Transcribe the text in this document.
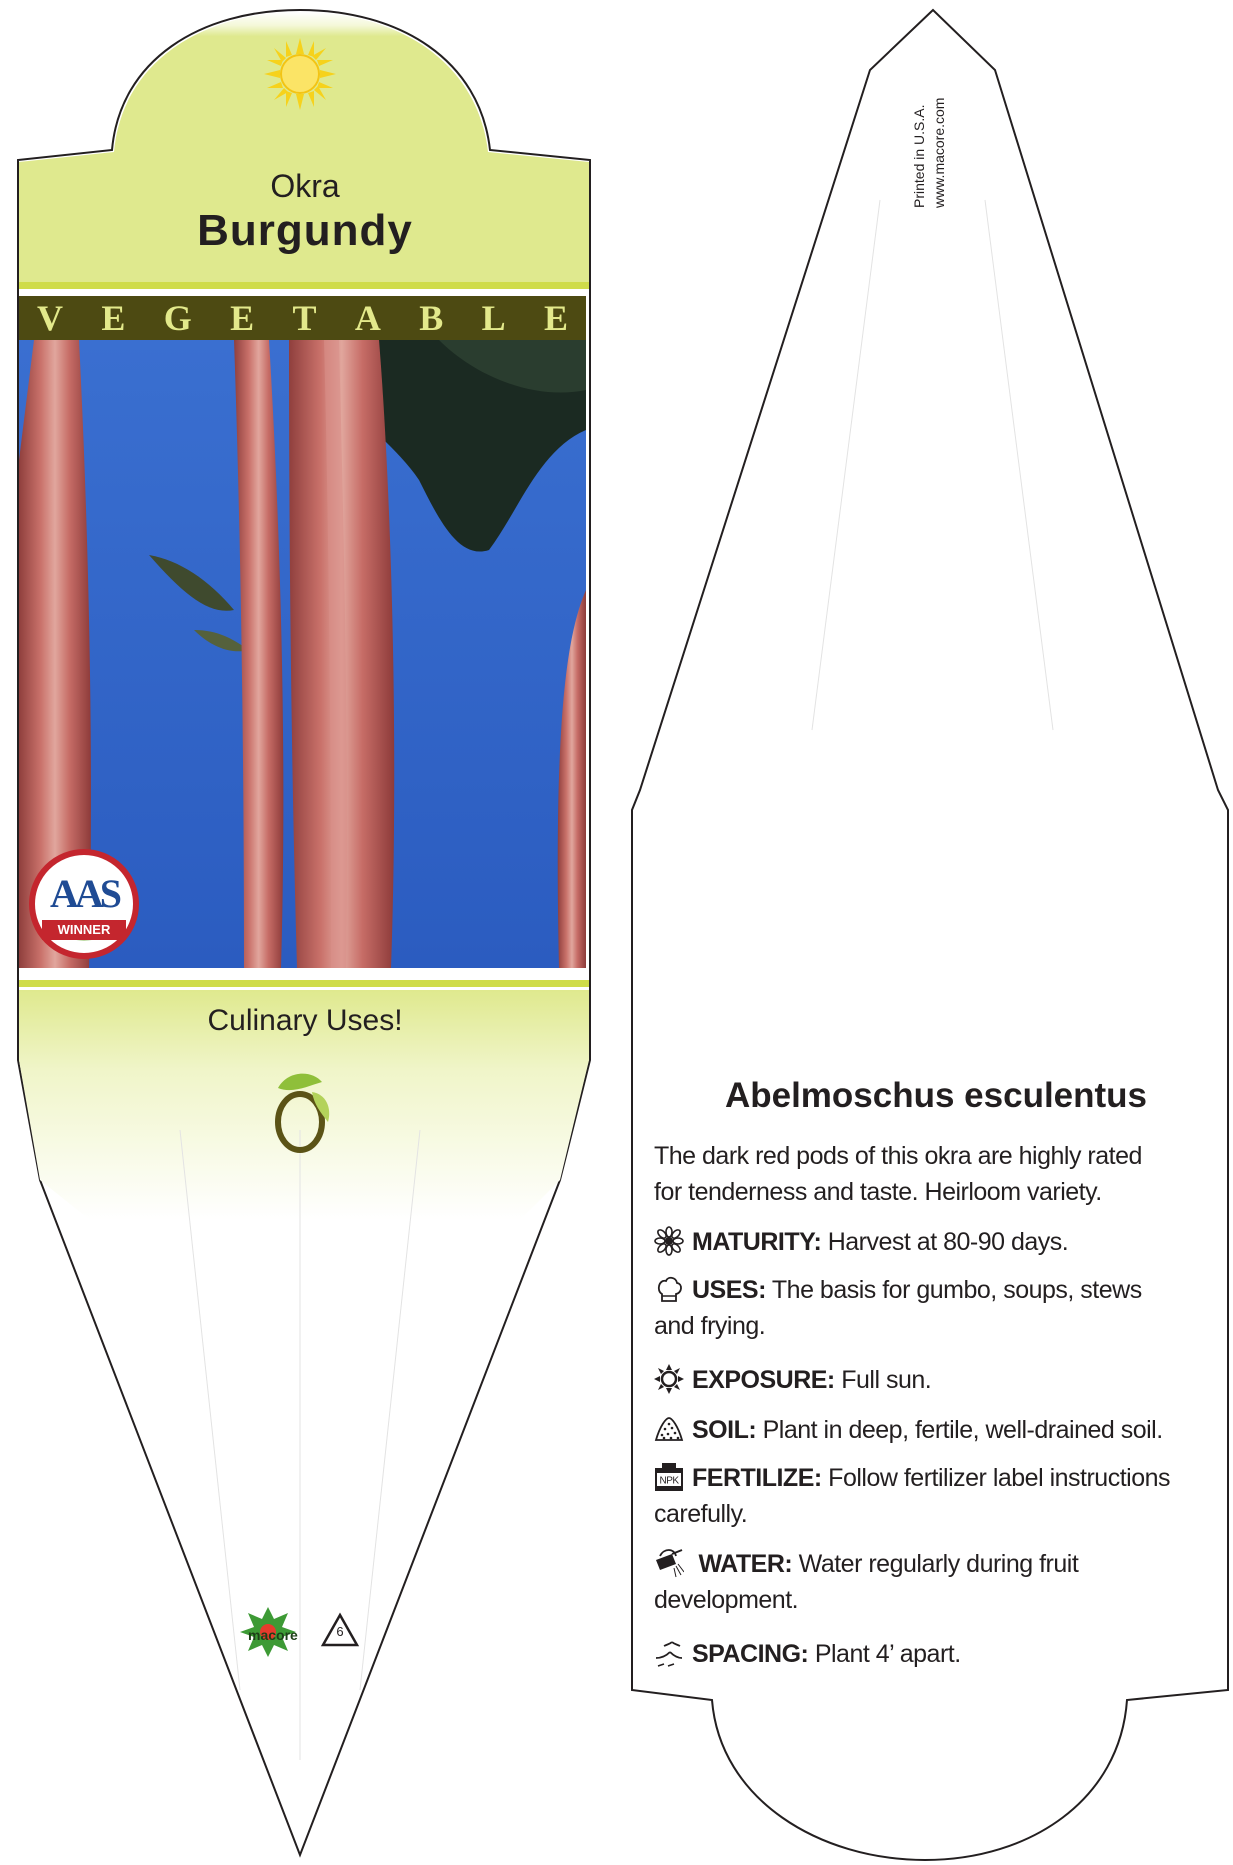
Okra
Burgundy
V E G E T A B L E
AAS
WINNER
Culinary Uses!
macore	6
Printed in U.S.A. www.macore.com
Abelmoschus esculentus
The dark red pods of this okra are highly rated for tenderness and taste. Heirloom variety.
MATURITY: Harvest at 80-90 days.
USES: The basis for gumbo, soups, stews and frying.
EXPOSURE: Full sun.
SOIL: Plant in deep, fertile, well-drained soil.
NPK FERTILIZE: Follow fertilizer label instructions carefully.
WATER: Water regularly during fruit development.
SPACING: Plant 4’ apart.
